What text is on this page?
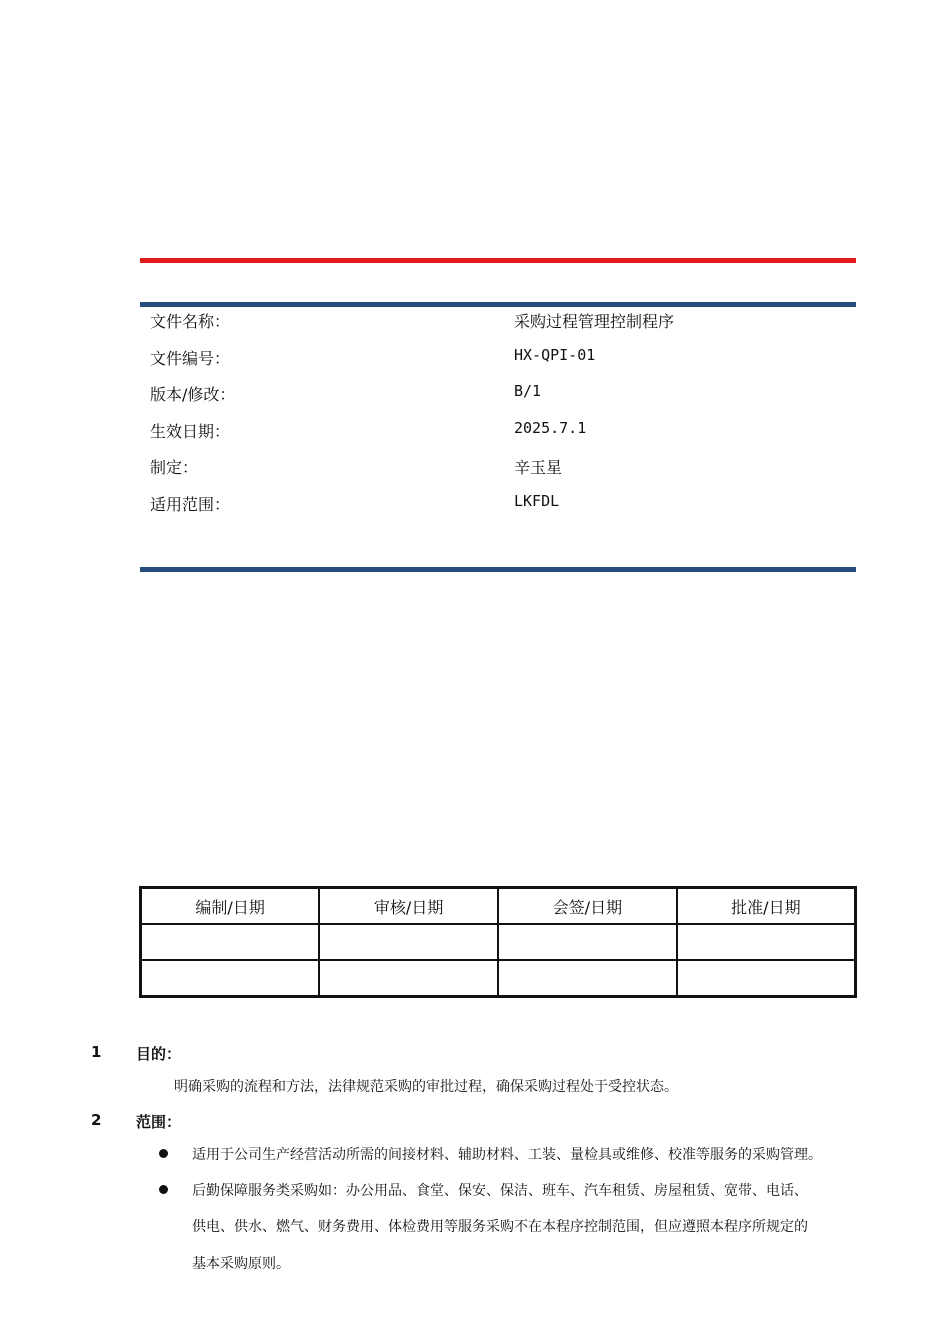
文件名称：	采购过程管理控制程序
文件编号：	HX-QPI-01
版本/修改：	B/1
生效日期：	2025.7.1
制定：	辛玉星
适用范围：	LKFDL
编制/日期	审核/日期	会签/日期	批准/日期

1 目的：
明确采购的流程和方法，法律规范采购的审批过程，确保采购过程处于受控状态。
2 范围：
适用于公司生产经营活动所需的间接材料、辅助材料、工装、量检具或维修、校准等服务的采购管理。
后勤保障服务类采购如：办公用品、食堂、保安、保洁、班车、汽车租赁、房屋租赁、宽带、电话、
供电、供水、燃气、财务费用、体检费用等服务采购不在本程序控制范围，但应遵照本程序所规定的
基本采购原则。
